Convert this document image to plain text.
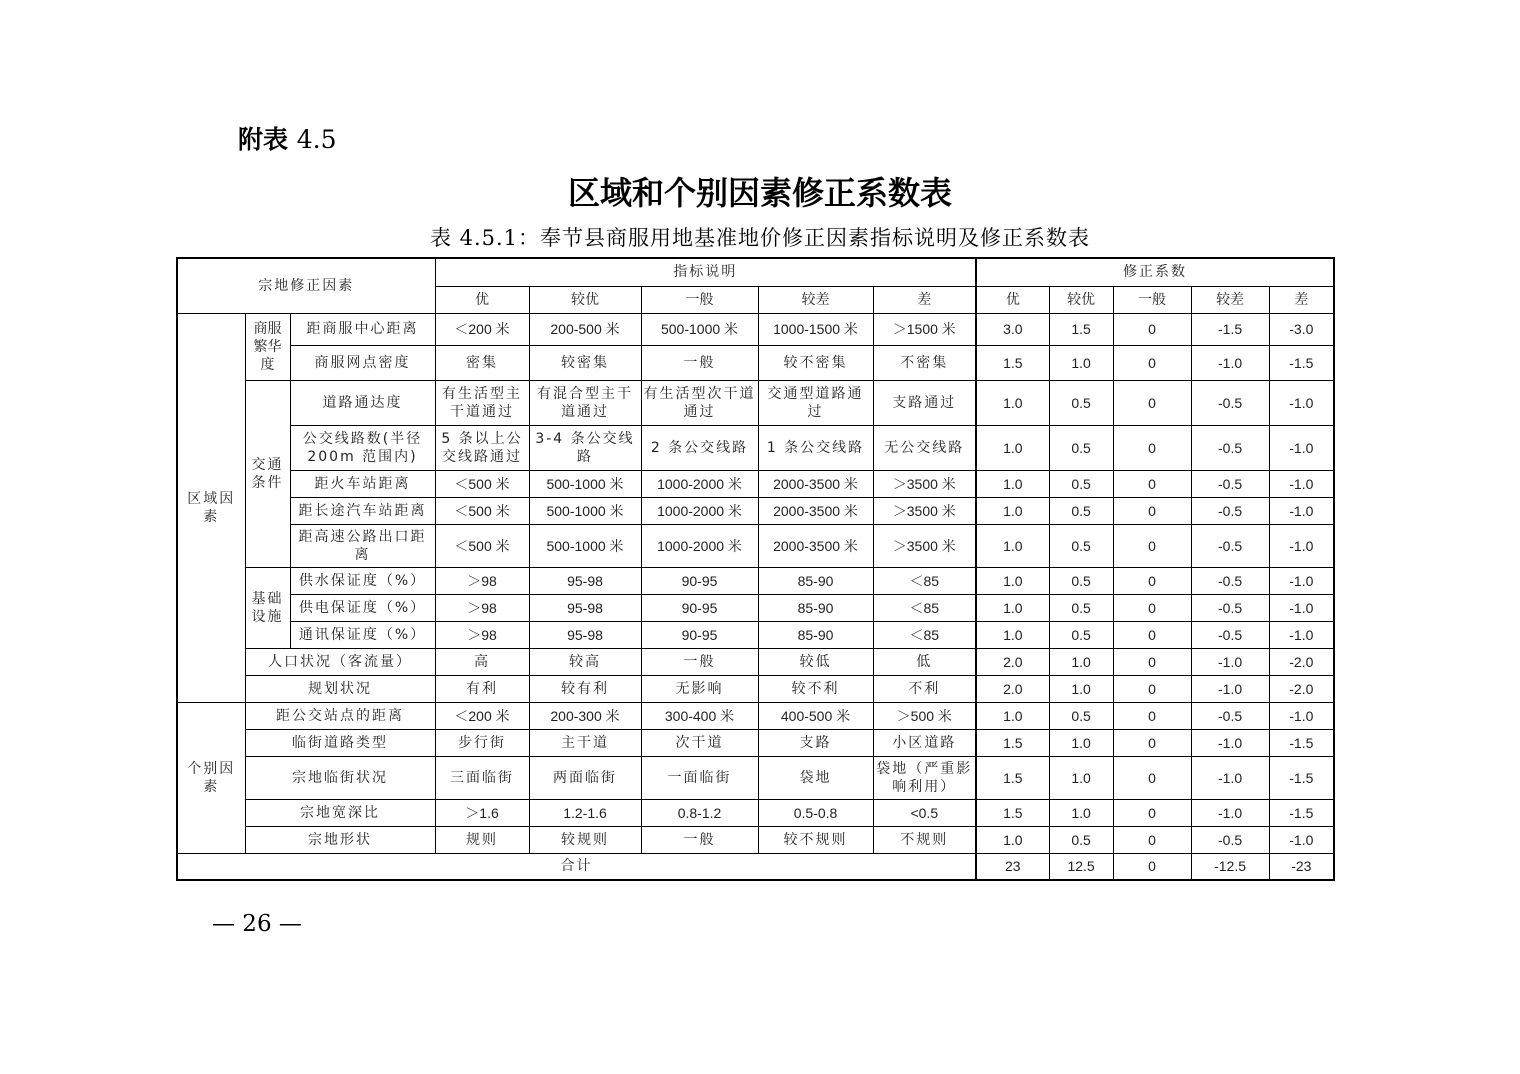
附表 4.5
区域和个别因素修正系数表
表 4.5.1：奉节县商服用地基准地价修正因素指标说明及修正系数表
宗地修正因素			指标说明					修正系数				
			优	较优	一般	较差	差	优	较优	一般	较差	差
区域因素	商服繁华度	距商服中心距离	＜200 米	200-500 米	500-1000 米	1000-1500 米	＞1500 米	3.0	1.5	0	-1.5	-3.0
		商服网点密度	密集	较密集	一般	较不密集	不密集	1.5	1.0	0	-1.0	-1.5
	交通条件	道路通达度	有生活型主干道通过	有混合型主干道通过	有生活型次干道通过	交通型道路通过	支路通过	1.0	0.5	0	-0.5	-1.0
		公交线路数(半径200m 范围内)	5 条以上公交线路通过	3-4 条公交线路	2 条公交线路	1 条公交线路	无公交线路	1.0	0.5	0	-0.5	-1.0
		距火车站距离	＜500 米	500-1000 米	1000-2000 米	2000-3500 米	＞3500 米	1.0	0.5	0	-0.5	-1.0
		距长途汽车站距离	＜500 米	500-1000 米	1000-2000 米	2000-3500 米	＞3500 米	1.0	0.5	0	-0.5	-1.0
		距高速公路出口距离	＜500 米	500-1000 米	1000-2000 米	2000-3500 米	＞3500 米	1.0	0.5	0	-0.5	-1.0
	基础设施	供水保证度（%）	＞98	95-98	90-95	85-90	＜85	1.0	0.5	0	-0.5	-1.0
		供电保证度（%）	＞98	95-98	90-95	85-90	＜85	1.0	0.5	0	-0.5	-1.0
		通讯保证度（%）	＞98	95-98	90-95	85-90	＜85	1.0	0.5	0	-0.5	-1.0
	人口状况（客流量）		高	较高	一般	较低	低	2.0	1.0	0	-1.0	-2.0
	规划状况		有利	较有利	无影响	较不利	不利	2.0	1.0	0	-1.0	-2.0
个别因素	距公交站点的距离		＜200 米	200-300 米	300-400 米	400-500 米	＞500 米	1.0	0.5	0	-0.5	-1.0
	临街道路类型		步行街	主干道	次干道	支路	小区道路	1.5	1.0	0	-1.0	-1.5
	宗地临街状况		三面临街	两面临街	一面临街	袋地	袋地（严重影响利用）	1.5	1.0	0	-1.0	-1.5
	宗地宽深比		＞1.6	1.2-1.6	0.8-1.2	0.5-0.8	<0.5	1.5	1.0	0	-1.0	-1.5
	宗地形状		规则	较规则	一般	较不规则	不规则	1.0	0.5	0	-0.5	-1.0
合计								23	12.5	0	-12.5	-23
— 26 —
